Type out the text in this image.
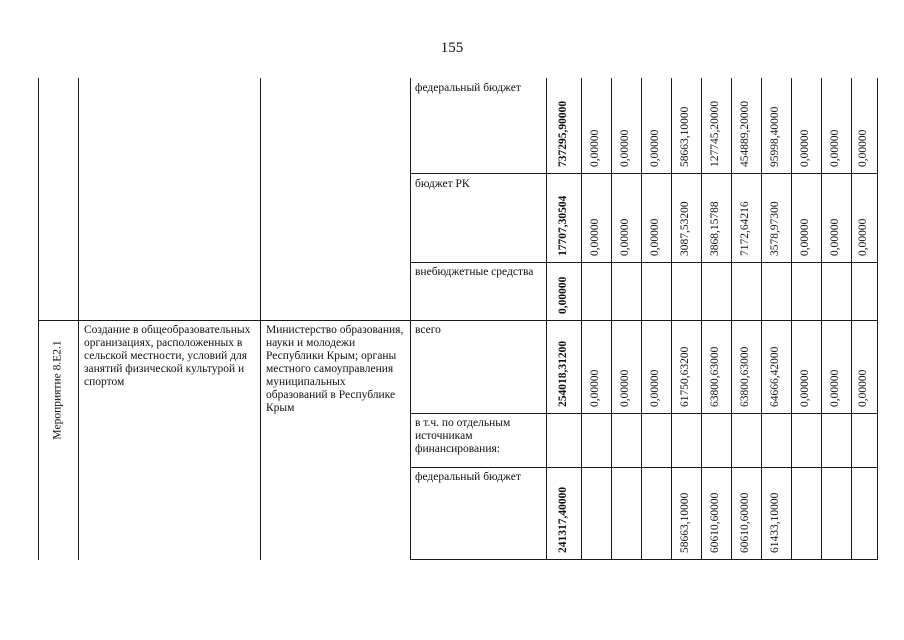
155
Мероприятие 8.Е2.1
Создание в общеобразовательных организациях, расположенных в сельской местности, условий для занятий физической культурой и спортом
Министерство образования, науки и молодежи Республики Крым; органы местного самоуправления муниципальных образований в Республике Крым
федеральный бюджет
бюджет РК
внебюджетные средства
всего
в т.ч. по отдельным источникам финансирования:
федеральный бюджет
737295,90000 0,00000 0,00000 0,00000 58663,10000 127745,20000 454889,20000 95998,40000 0,00000 0,00000 0,00000
17707,30504 0,00000 0,00000 0,00000 3087,53200 3868,15788 7172,64216 3578,97300 0,00000 0,00000 0,00000
0,00000
254018,31200 0,00000 0,00000 0,00000 61750,63200 63800,63000 63800,63000 64666,42000 0,00000 0,00000 0,00000
241317,40000	58663,10000 60610,60000 60610,60000 61433,10000
